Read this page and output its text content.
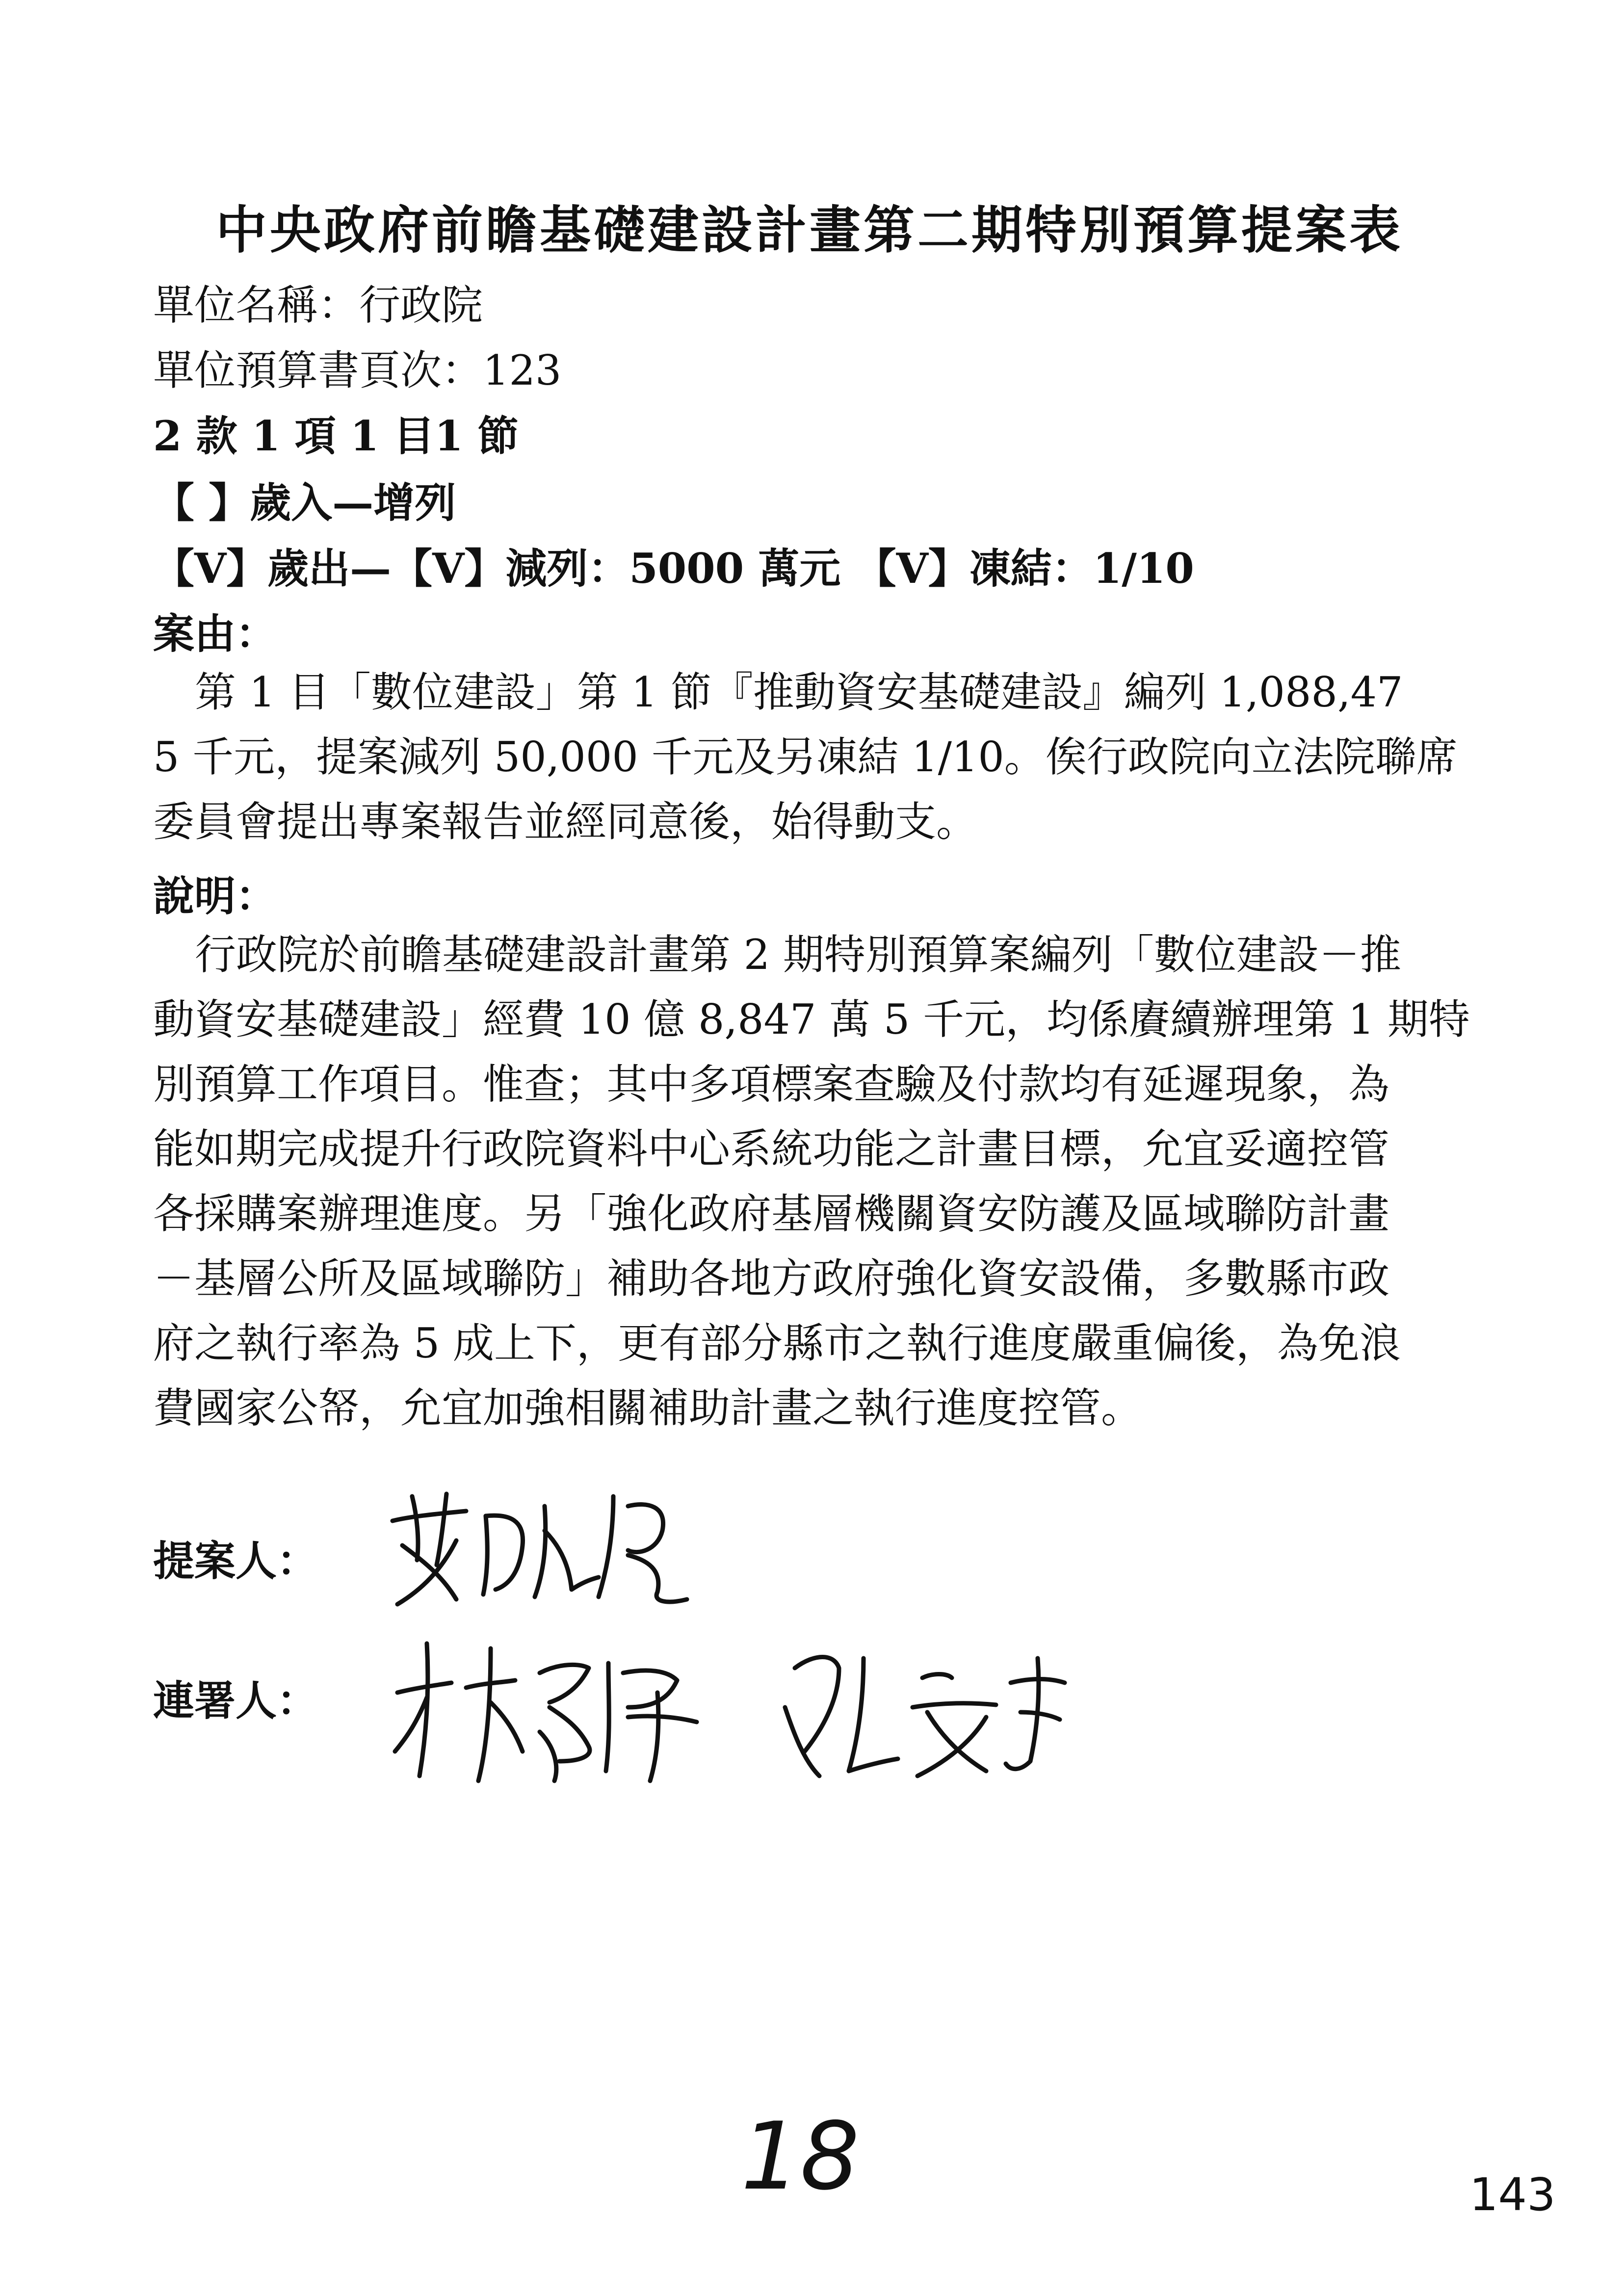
中央政府前瞻基礎建設計畫第二期特別預算提案表
單位名稱：行政院
單位預算書頁次：123
2 款 1 項 1 目1 節
【 】歲入—增列
【V】歲出—【V】減列：5000 萬元 【V】凍結：1/10
案由：
第 1 目「數位建設」第 1 節『推動資安基礎建設』編列 1,088,47
5 千元，提案減列 50,000 千元及另凍結 1/10。俟行政院向立法院聯席
委員會提出專案報告並經同意後，始得動支。
說明：
行政院於前瞻基礎建設計畫第 2 期特別預算案編列「數位建設－推
動資安基礎建設」經費 10 億 8,847 萬 5 千元，均係賡續辦理第 1 期特
別預算工作項目。惟查；其中多項標案查驗及付款均有延遲現象，為
能如期完成提升行政院資料中心系統功能之計畫目標，允宜妥適控管
各採購案辦理進度。另「強化政府基層機關資安防護及區域聯防計畫
－基層公所及區域聯防」補助各地方政府強化資安設備，多數縣市政
府之執行率為 5 成上下，更有部分縣市之執行進度嚴重偏後，為免浪
費國家公帑，允宜加強相關補助計畫之執行進度控管。
提案人：
連署人：
18	143
